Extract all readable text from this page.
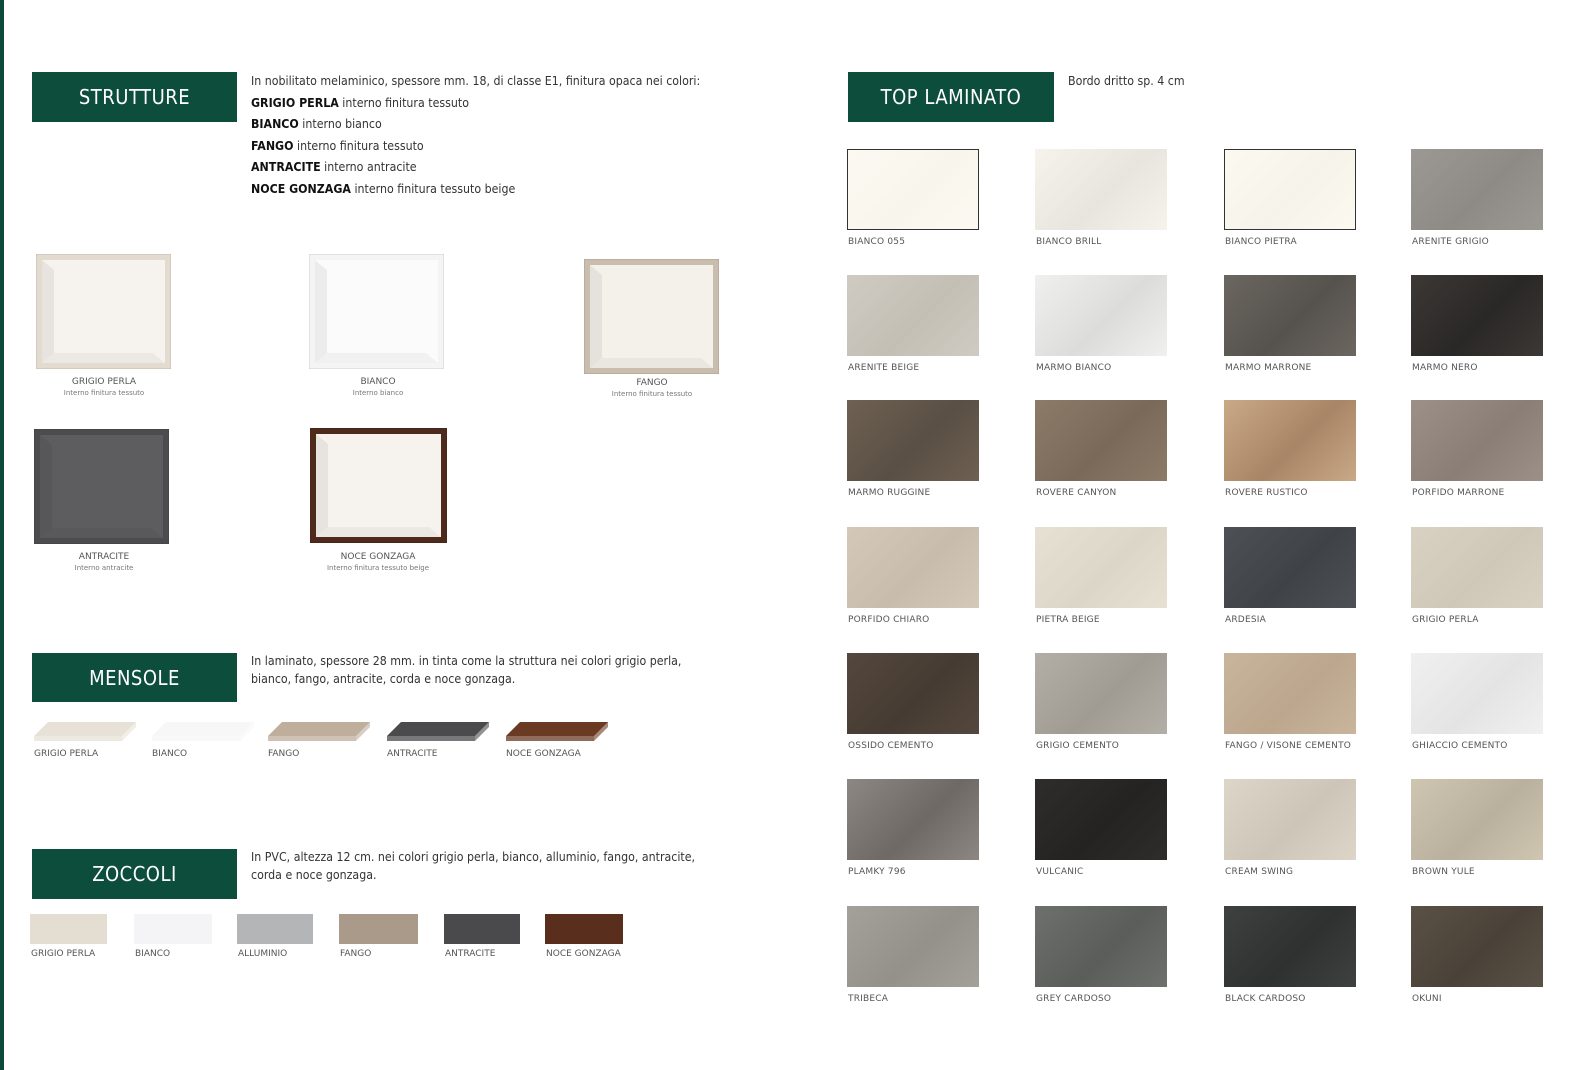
STRUTTURE
In nobilitato melaminico, spessore mm. 18, di classe E1, finitura opaca nei colori:
GRIGIO PERLA interno finitura tessuto
BIANCO interno bianco
FANGO interno finitura tessuto
ANTRACITE interno antracite
NOCE GONZAGA interno finitura tessuto beige
GRIGIO PERLA
Interno finitura tessuto
BIANCO
Interno bianco
FANGO
Interno finitura tessuto
ANTRACITE
Interno antracite
NOCE GONZAGA
Interno finitura tessuto beige
MENSOLE
In laminato, spessore 28 mm. in tinta come la struttura nei colori grigio perla,
bianco, fango, antracite, corda e noce gonzaga.
GRIGIO PERLA	BIANCO	FANGO	ANTRACITE	NOCE GONZAGA
ZOCCOLI
In PVC, altezza 12 cm. nei colori grigio perla, bianco, alluminio, fango, antracite,
corda e noce gonzaga.
GRIGIO PERLA	BIANCO	ALLUMINIO	FANGO	ANTRACITE	NOCE GONZAGA
TOP LAMINATO
Bordo dritto sp. 4 cm
BIANCO 055	BIANCO BRILL	BIANCO PIETRA	ARENITE GRIGIO
ARENITE BEIGE	MARMO BIANCO	MARMO MARRONE	MARMO NERO
MARMO RUGGINE	ROVERE CANYON	ROVERE RUSTICO	PORFIDO MARRONE
PORFIDO CHIARO	PIETRA BEIGE	ARDESIA	GRIGIO PERLA
OSSIDO CEMENTO	GRIGIO CEMENTO	FANGO / VISONE CEMENTO	GHIACCIO CEMENTO
PLAMKY 796	VULCANIC	CREAM SWING	BROWN YULE
TRIBECA	GREY CARDOSO	BLACK CARDOSO	OKUNI
